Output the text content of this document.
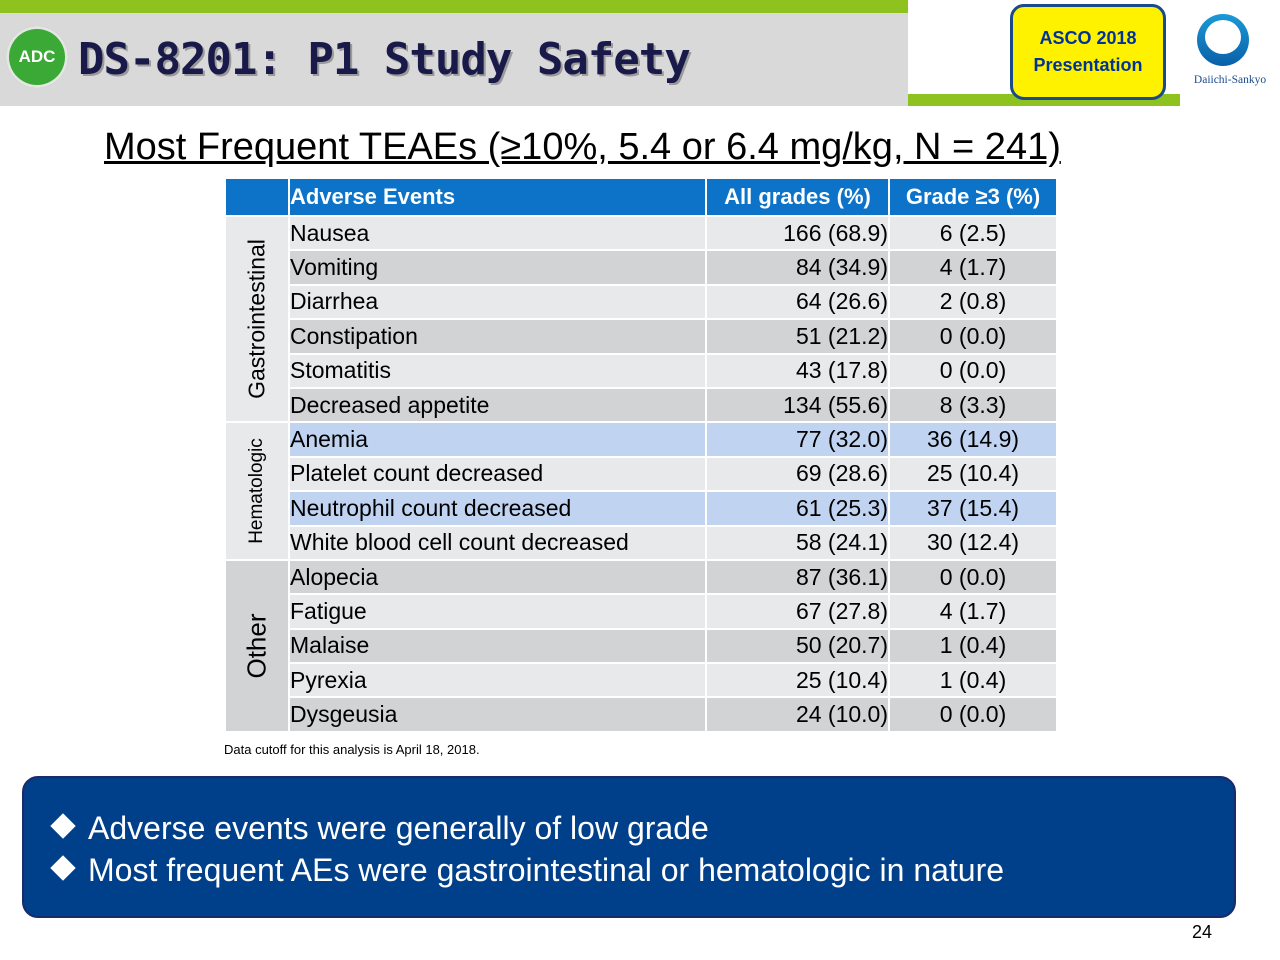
ADC DS-8201: P1 Study Safety	ASCO 2018
Presentation
Daiichi-Sankyo
Most Frequent TEAEs (≥10%, 5.4 or 6.4 mg/kg, N = 241)
	Adverse Events	All grades (%)	Grade ≥3 (%)

Gastrointestinal	Nausea	166 (68.9)	6 (2.5)
	Vomiting	84 (34.9)	4 (1.7)
	Diarrhea	64 (26.6)	2 (0.8)
	Constipation	51 (21.2)	0 (0.0)
	Stomatitis	43 (17.8)	0 (0.0)
	Decreased appetite	134 (55.6)	8 (3.3)

Hematologic	Anemia	77 (32.0)	36 (14.9)
	Platelet count decreased	69 (28.6)	25 (10.4)
	Neutrophil count decreased	61 (25.3)	37 (15.4)
	White blood cell count decreased	58 (24.1)	30 (12.4)

Other	Alopecia	87 (36.1)	0 (0.0)
	Fatigue	67 (27.8)	4 (1.7)
	Malaise	50 (20.7)	1 (0.4)
	Pyrexia	25 (10.4)	1 (0.4)
	Dysgeusia	24 (10.0)	0 (0.0)
Data cutoff for this analysis is April 18, 2018.
Adverse events were generally of low grade
Most frequent AEs were gastrointestinal or hematologic in nature
24
